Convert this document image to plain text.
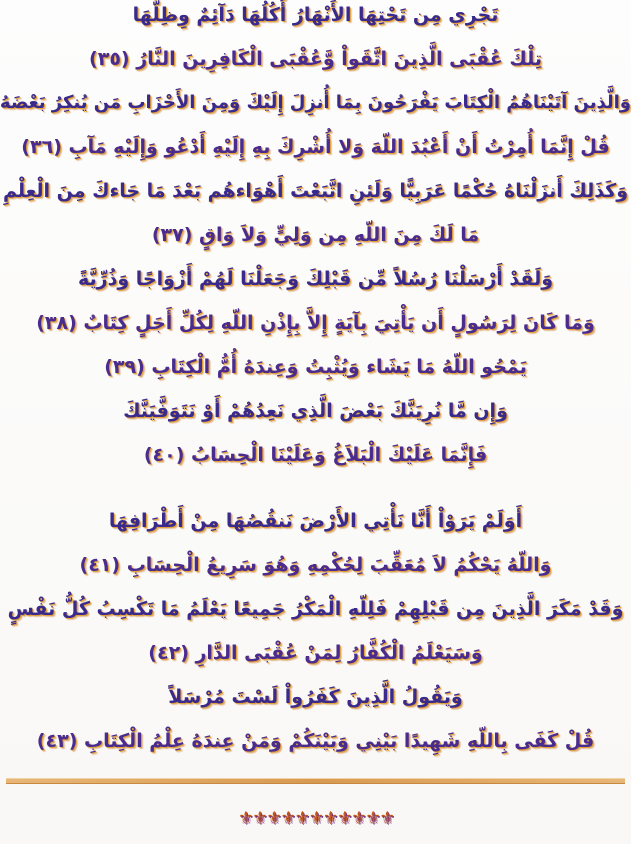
تَجْرِي مِن تَحْتِهَا الأَنْهَارُ أُكُلُهَا دَآئِمٌ وِظِلُّهَا
تِلْكَ عُقْبَى الَّذِينَ اتَّقَواْ وَّعُقْبَى الْكَافِرِينَ النَّارُ (٣٥)
وَالَّذِينَ آتَيْنَاهُمُ الْكِتَابَ يَفْرَحُونَ بِمَا أُنزِلَ إِلَيْكَ وَمِنَ الأَحْزَابِ مَن يُنكِرُ بَعْضَهُ
قُلْ إِنَّمَا أُمِرْتُ أَنْ أَعْبُدَ اللّهَ وَلا أُشْرِكَ بِهِ إِلَيْهِ أَدْعُو وَإِلَيْهِ مَآبِ (٣٦)
وَكَذَلِكَ أَنزَلْنَاهُ حُكْمًا عَرَبِيًّا وَلَئِنِ اتَّبَعْتَ أَهْوَاءهُم بَعْدَ مَا جَاءكَ مِنَ الْعِلْمِ
مَا لَكَ مِنَ اللّهِ مِن وَلِيٍّ وَلاَ وَاقٍ (٣٧)
وَلَقَدْ أَرْسَلْنَا رُسُلاً مِّن قَبْلِكَ وَجَعَلْنَا لَهُمْ أَزْوَاجًا وَذُرِّيَّةً
وَمَا كَانَ لِرَسُولٍ أَن يَأْتِيَ بِآيَةٍ إِلاَّ بِإِذْنِ اللّهِ لِكُلِّ أَجَلٍ كِتَابٌ (٣٨)
يَمْحُو اللّهُ مَا يَشَاء وَيُثْبِتُ وَعِندَهُ أُمُّ الْكِتَابِ (٣٩)
وَإِن مَّا نُرِيَنَّكَ بَعْضَ الَّذِي نَعِدُهُمْ أَوْ نَتَوَفَّيَنَّكَ
فَإِنَّمَا عَلَيْكَ الْبَلاَغُ وَعَلَيْنَا الْحِسَابُ (٤٠)
أَوَلَمْ يَرَوْاْ أَنَّا نَأْتِي الأَرْضَ نَنقُصُهَا مِنْ أَطْرَافِهَا
وَاللّهُ يَحْكُمُ لاَ مُعَقِّبَ لِحُكْمِهِ وَهُوَ سَرِيعُ الْحِسَابِ (٤١)
وَقَدْ مَكَرَ الَّذِينَ مِن قَبْلِهِمْ فَلِلّهِ الْمَكْرُ جَمِيعًا يَعْلَمُ مَا تَكْسِبُ كُلُّ نَفْسٍ
وَسَيَعْلَمُ الْكُفَّارُ لِمَنْ عُقْبَى الدَّارِ (٤٢)
وَيَقُولُ الَّذِينَ كَفَرُواْ لَسْتَ مُرْسَلاً
قُلْ كَفَى بِاللّهِ شَهِيدًا بَيْنِي وَبَيْنَكُمْ وَمَنْ عِندَهُ عِلْمُ الْكِتَابِ (٤٣)
⚜⚜⚜⚜⚜⚜⚜⚜⚜⚜⚜
